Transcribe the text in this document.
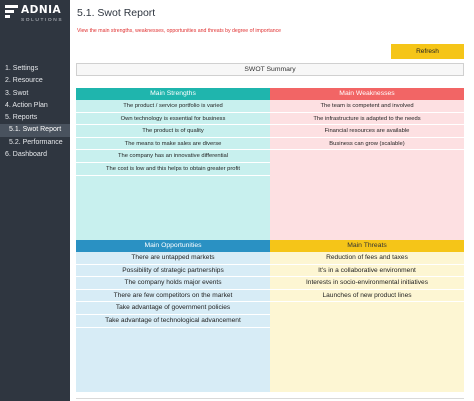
ADNIA
SOLUTIONS
1. Settings
2. Resource
3. Swot
4. Action Plan
5. Reports
5.1. Swot Report
5.2. Performance
6. Dashboard
5.1. Swot Report
View the main strengths, weaknesses, opportunities and threats by degree of importance
Refresh
SWOT Summary
Main Strengths
The product / service portfolio is varied
Own technology is essential for business
The product is of quality
The means to make sales are diverse
The company has an innovative differential
The cost is low and this helps to obtain greater profit
Main Weaknesses
The team is competent and involved
The infrastructure is adapted to the needs
Financial resources are available
Business can grow (scalable)
Main Opportunities
There are untapped markets
Possibility of strategic partnerships
The company holds major events
There are few competitors on the market
Take advantage of government policies
Take advantage of technological advancement
Main Threats
Reduction of fees and taxes
It's in a collaborative environment
Interests in socio-environmental initiatives
Launches of new product lines
